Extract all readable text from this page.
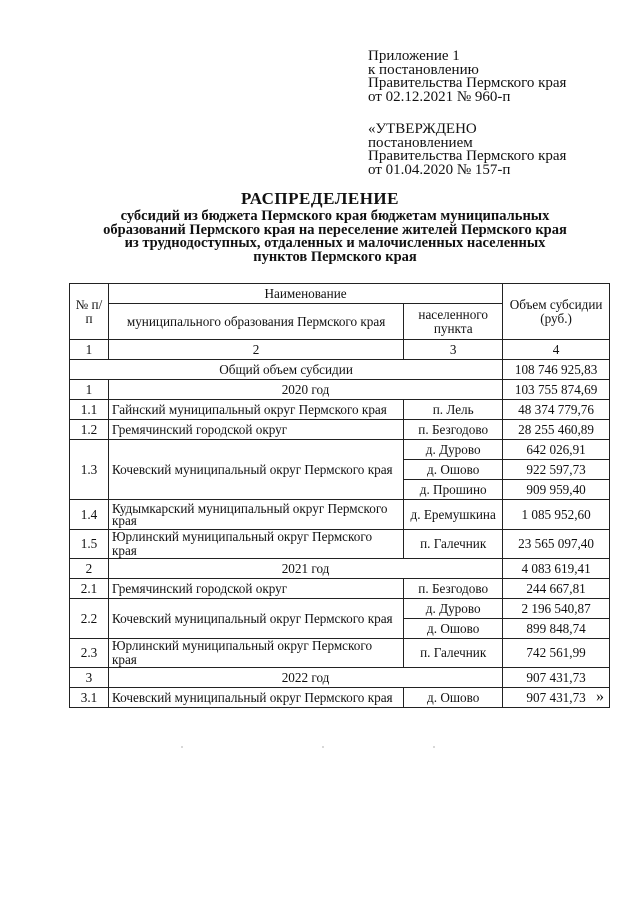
Приложение 1
к постановлению
Правительства Пермского края
от 02.12.2021 № 960-п
«УТВЕРЖДЕНО
постановлением
Правительства Пермского края
от 01.04.2020 № 157-п
РАСПРЕДЕЛЕНИЕ
субсидий из бюджета Пермского края бюджетам муниципальных
образований Пермского края на переселение жителей Пермского края
из труднодоступных, отдаленных и малочисленных населенных
пунктов Пермского края
№ п/п	Наименование		Объем субсидии (руб.)
	муниципального образования Пермского края	населенного пункта	
1	2	3	4
Общий объем субсидии			108 746 925,83
1	2020 год		103 755 874,69
1.1	Гайнский муниципальный округ Пермского края	п. Лель	48 374 779,76
1.2	Гремячинский городской округ	п. Безгодово	28 255 460,89
1.3	Кочевский муниципальный округ Пермского края	д. Дурово	642 026,91
		д. Ошово	922 597,73
		д. Прошино	909 959,40
1.4	Кудымкарский муниципальный округ Пермского края	д. Еремушкина	1 085 952,60
1.5	Юрлинский муниципальный округ Пермского края	п. Галечник	23 565 097,40
2	2021 год		4 083 619,41
2.1	Гремячинский городской округ	п. Безгодово	244 667,81
2.2	Кочевский муниципальный округ Пермского края	д. Дурово	2 196 540,87
		д. Ошово	899 848,74
2.3	Юрлинский муниципальный округ Пермского края	п. Галечник	742 561,99
3	2022 год		907 431,73
3.1	Кочевский муниципальный округ Пермского края	д. Ошово	907 431,73 »
